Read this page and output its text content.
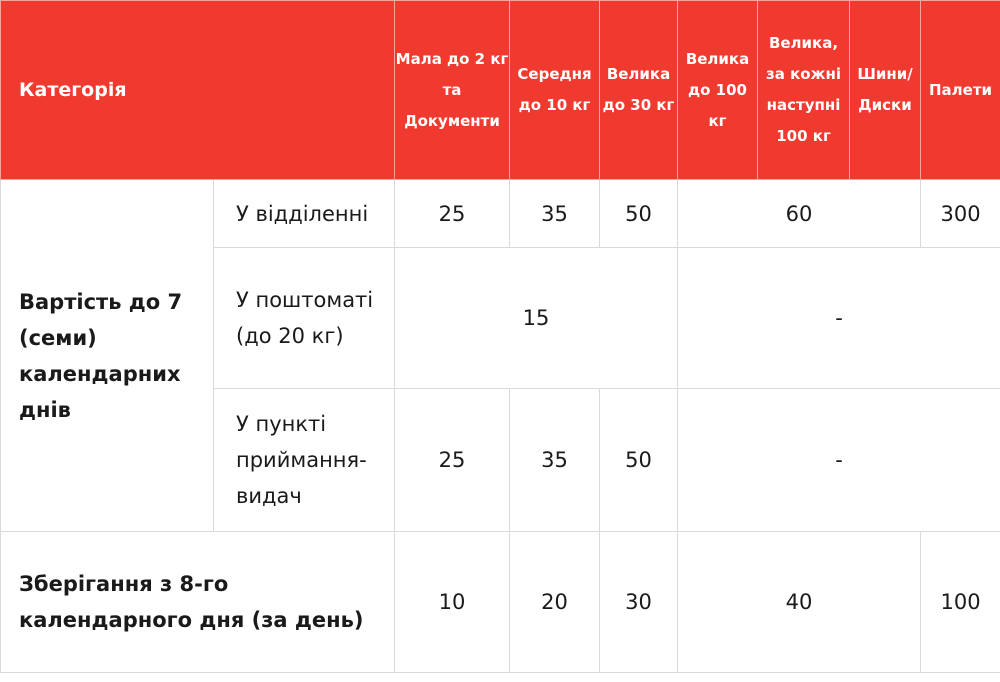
Категорія		Мала до 2 кг та Документи	Середня до 10 кг	Велика до 30 кг	Велика до 100 кг	Велика, за кожні наступні 100 кг	Шини/ Диски	Палети
Вартість до 7 (семи) календарних днів	У відділенні	25	35	50	60			300
	У поштоматі (до 20 кг)	15			-			
	У пункті приймання-видач	25	35	50	-			
Зберігання з 8-го календарного дня (за день)		10	20	30	40			100
